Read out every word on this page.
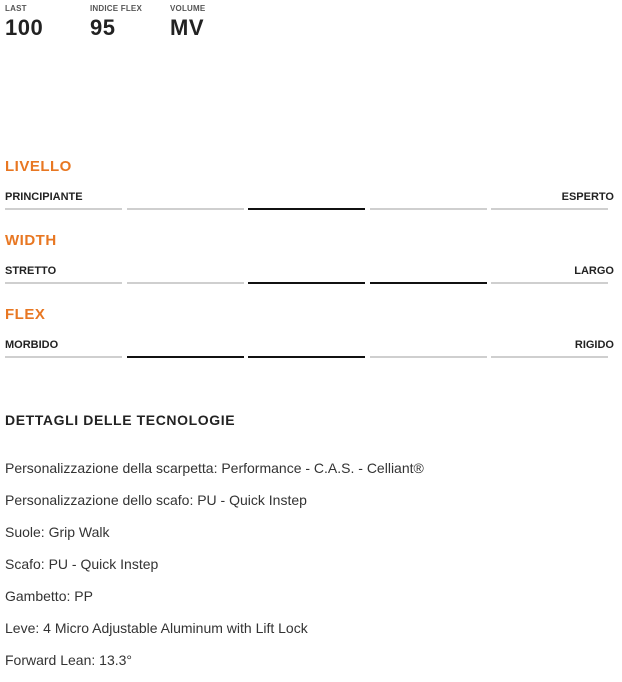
LAST
100
INDICE FLEX
95
VOLUME
MV
LIVELLO
PRINCIPIANTE	ESPERTO
WIDTH
STRETTO	LARGO
FLEX
MORBIDO	RIGIDO
DETTAGLI DELLE TECNOLOGIE
Personalizzazione della scarpetta: Performance - C.A.S. - Celliant®
Personalizzazione dello scafo: PU - Quick Instep
Suole: Grip Walk
Scafo: PU - Quick Instep
Gambetto: PP
Leve: 4 Micro Adjustable Aluminum with Lift Lock
Forward Lean: 13.3°
